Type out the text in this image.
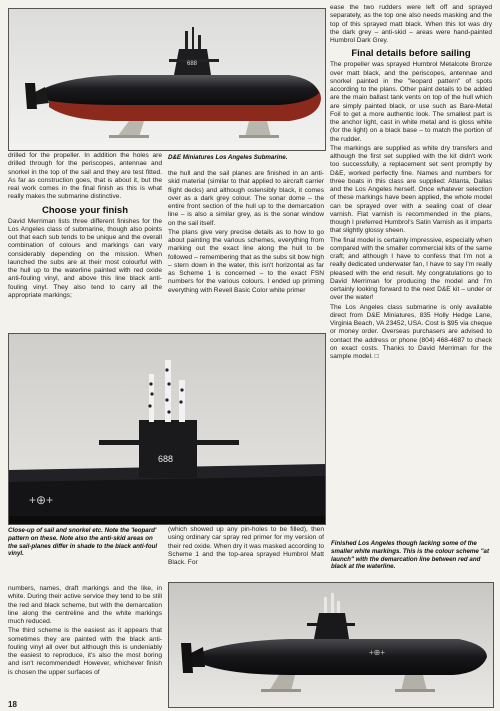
688

ease the two rudders were left off and sprayed separately, as the top one also needs masking and the top of this sprayed matt black. When this lot was dry the dark grey – anti-skid – areas were hand-painted Humbrol Dark Grey.

Final details before sailing

The propeller was sprayed Humbrol Metalcote Bronze over matt black, and the periscopes, antennae and snorkel painted in the "leopard pattern" of spots according to the plans. Other paint details to be added are the main ballast tank vents on top of the hull which are simply painted black, or use such as Bare-Metal Foil to get a more authentic look. The smallest part is the anchor light, cast in white metal and is gloss white (for the light) on a black base – to match the portion of the rudder.

The markings are supplied as white dry transfers and although the first set supplied with the kit didn't work too successfully, a replacement set sent promptly by D&E, worked perfectly fine. Names and numbers for three boats in this class are supplied: Atlanta, Dallas and the Los Angeles herself. Once whatever selection of these markings have been applied, the whole model can be sprayed over with a sealing coat of clear varnish. Flat varnish is recommended in the plans, though I preferred Humbrol's Satin Varnish as it imparts that slightly glossy sheen.

The final model is certainly impressive, especially when compared with the smaller commercial kits of the same craft; and although I have to confess that I'm not a really dedicated underwater fan, I have to say I'm really pleased with the end result. My congratulations go to David Merriman for producing the model and I'm certainly looking forward to the next D&E kit – under or over the water!

The Los Angeles class submarine is only available direct from D&E Miniatures, 835 Holly Hedge Lane, Virginia Beach, VA 23452, USA. Cost is $95 via cheque or money order. Overseas purchasers are advised to contact the address or phone (804) 468-4687 to check on exact costs. Thanks to David Merriman for the sample model. □

drilled for the propeller. In addition the holes are drilled through for the periscopes, antennae and snorkel in the top of the sail and they are test fitted. As far as construction goes, that is about it, but the real work comes in the final finish as this is what really makes the submarine distinctive.

Choose your finish

David Merriman lists three different finishes for the Los Angeles class of submarine, though also points out that each sub tends to be unique and the overall combination of colours and markings can vary considerably depending on the mission. When launched the subs are at their most colourful with the hull up to the waterline painted with red oxide anti-fouling vinyl, and above this line black anti-fouling vinyl. They also tend to carry all the appropriate markings;

D&E Miniatures Los Angeles Submarine.

the hull and the sail planes are finished in an anti-skid material (similar to that applied to aircraft carrier flight decks) and although ostensibly black, it comes over as a dark grey colour. The sonar dome – the entire front section of the hull up to the demarcation line – is also a similar grey, as is the sonar window on the sail itself.

The plans give very precise details as to how to go about painting the various schemes, everything from marking out the exact line along the hull to be followed – remembering that as the subs sit bow high – stern down in the water, this isn't horizontal as far as Scheme 1 is concerned – to the exact FSN numbers for the various colours. I ended up priming everything with Revell Basic Color white primer

688
+⊕+
Close-up of sail and snorkel etc. Note the 'leopard' pattern on these. Note also the anti-skid areas on the sail-planes differ in shade to the black anti-foul vinyl.

(which showed up any pin-holes to be filled), then using ordinary car spray red primer for my version of their red oxide. When dry it was masked according to Scheme 1 and the top-area sprayed Humbrol Matt Black. For

Finished Los Angeles though lacking some of the smaller white markings. This is the colour scheme "at launch" with the demarcation line between red and black at the waterline.

numbers, names, draft markings and the like, in white. During their active service they tend to be still the red and black scheme, but with the demarcation line along the centreline and the white markings much reduced.

The third scheme is the easiest as it appears that sometimes they are painted with the black anti-fouling vinyl all over but although this is undeniably the easiest to reproduce, it's also the most boring and isn't recommended! However, whichever finish is chosen the upper surfaces of

+⊕+
18
